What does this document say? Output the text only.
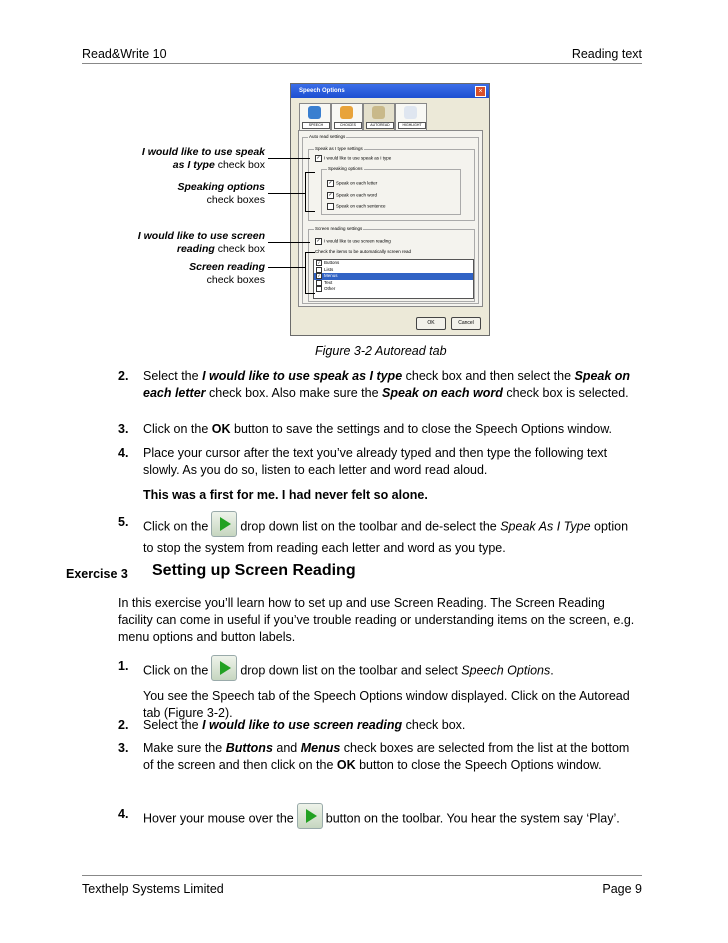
Read&Write 10	Reading text
Speech Options	×
SPEECH	CHOICES	AUTOREAD	HIGHLIGHT
Auto read settings
Speak as I type settings
✓ I would like to use speak as I type
Speaking options
✓ Speak on each letter
✓ Speak on each word
Speak on each sentence
Screen reading settings
✓ I would like to use screen reading
Check the items to be automatically screen read
✓ Buttons
Lists
✓ Menus
Text
Other
OK	Cancel
I would like to use speak
as I type check box
Speaking options
check boxes
I would like to use screen
reading check box
Screen reading
check boxes
Figure 3-2 Autoread tab
2. Select the I would like to use speak as I type check box and then select the Speak on each letter check box. Also make sure the Speak on each word check box is selected.
3. Click on the OK button to save the settings and to close the Speech Options window.
4. Place your cursor after the text you’ve already typed and then type the following text slowly. As you do so, listen to each letter and word read aloud.

This was a first for me. I had never felt so alone.
5. Click on the	drop down list on the toolbar and de-select the Speak As I Type option to stop the system from reading each letter and word as you type.
Exercise 3 Setting up Screen Reading
In this exercise you’ll learn how to set up and use Screen Reading. The Screen Reading facility can come in useful if you’ve trouble reading or understanding items on the screen, e.g. menu options and button labels.
1. Click on the	drop down list on the toolbar and select Speech Options.

You see the Speech tab of the Speech Options window displayed. Click on the Autoread tab (Figure 3-2).
2. Select the I would like to use screen reading check box.
3. Make sure the Buttons and Menus check boxes are selected from the list at the bottom of the screen and then click on the OK button to close the Speech Options window.
4. Hover your mouse over the	button on the toolbar. You hear the system say ‘Play’.
Texthelp Systems Limited	Page 9
